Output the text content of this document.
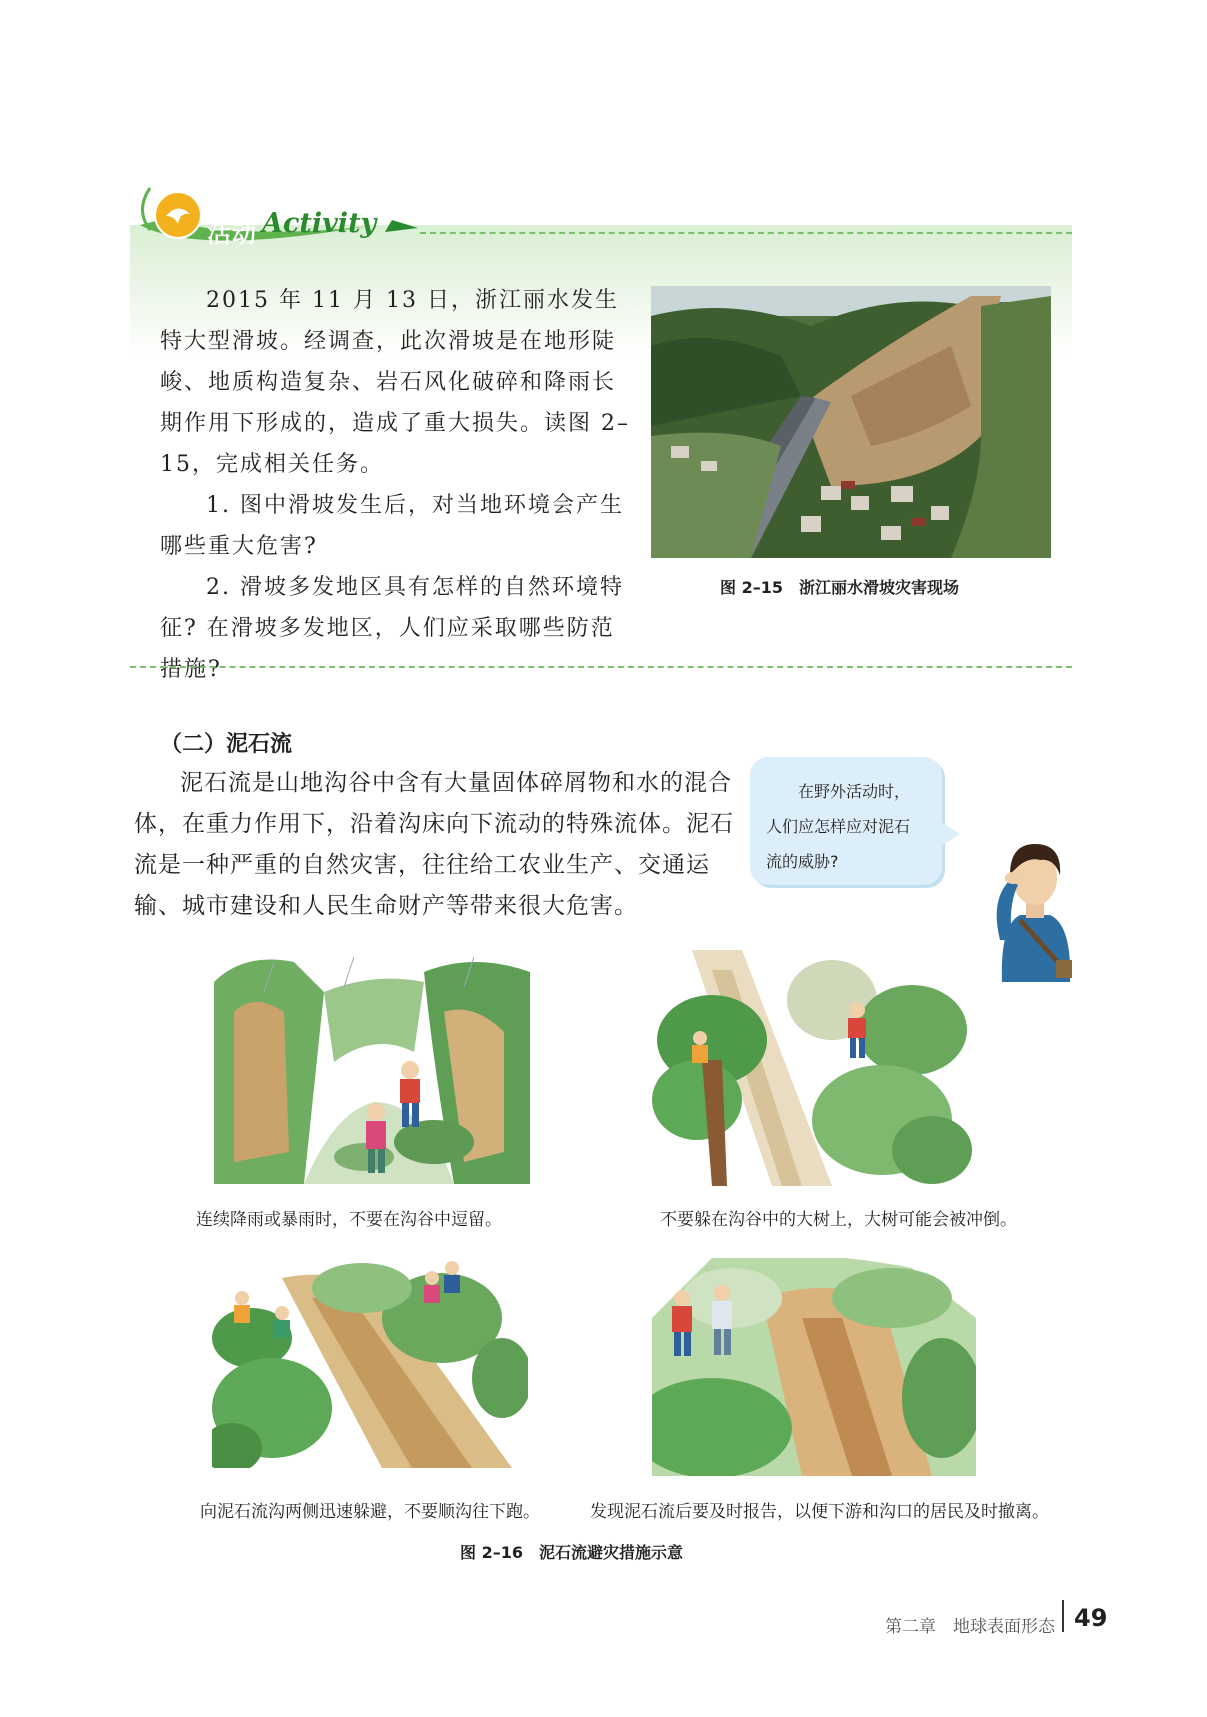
活动 Activity

2015 年 11 月 13 日，浙江丽水发生特大型滑坡。经调查，此次滑坡是在地形陡峻、地质构造复杂、岩石风化破碎和降雨长期作用下形成的，造成了重大损失。读图 2–15，完成相关任务。

1. 图中滑坡发生后，对当地环境会产生哪些重大危害?

2. 滑坡多发地区具有怎样的自然环境特征? 在滑坡多发地区，人们应采取哪些防范措施?

图 2–15　浙江丽水滑坡灾害现场
（二）泥石流

泥石流是山地沟谷中含有大量固体碎屑物和水的混合体，在重力作用下，沿着沟床向下流动的特殊流体。泥石流是一种严重的自然灾害，往往给工农业生产、交通运输、城市建设和人民生命财产等带来很大危害。

在野外活动时，

人们应怎样应对泥石

流的威胁?

连续降雨或暴雨时，不要在沟谷中逗留。	不要躲在沟谷中的大树上，大树可能会被冲倒。
向泥石流沟两侧迅速躲避，不要顺沟往下跑。	发现泥石流后要及时报告，以便下游和沟口的居民及时撤离。
图 2–16　泥石流避灾措施示意
第二章　地球表面形态 49
